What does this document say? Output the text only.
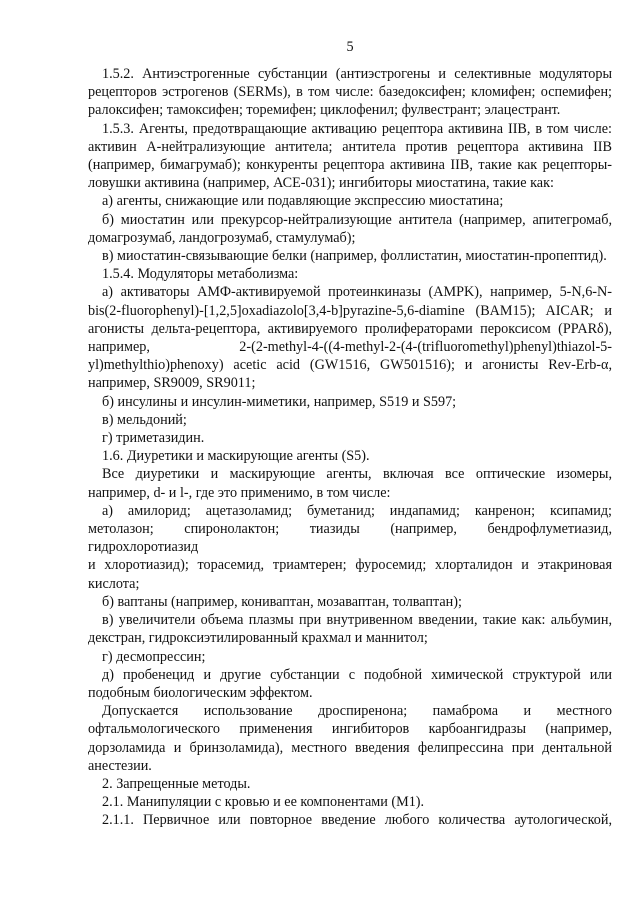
5

1.5.2. Антиэстрогенные субстанции (антиэстрогены и селективные модуляторы рецепторов эстрогенов (SERMs), в том числе: базедоксифен; кломифен; оспемифен; ралоксифен; тамоксифен; торемифен; циклофенил; фулвестрант; элацестрант.

1.5.3. Агенты, предотвращающие активацию рецептора активина IIB, в том числе: активин А-нейтрализующие антитела; антитела против рецептора активина IIB (например, бимагрумаб); конкуренты рецептора активина IIB, такие как рецепторы-ловушки активина (например, АСЕ-031); ингибиторы миостатина, такие как:

а) агенты, снижающие или подавляющие экспрессию миостатина;

б) миостатин или прекурсор-нейтрализующие антитела (например, апитегромаб, домагрозумаб, ландогрозумаб, стамулумаб);

в) миостатин-связывающие белки (например, фоллистатин, миостатин-пропептид).

1.5.4. Модуляторы метаболизма:

а) активаторы АМФ-активируемой протеинкиназы (AMPK), например, 5-N,6-N-bis(2-fluorophenyl)-[1,2,5]oxadiazolo[3,4-b]pyrazine-5,6-diamine (BAM15); AICAR; и агонисты дельта-рецептора, активируемого пролифераторами пероксисом (PPARδ), например, 2-(2-methyl-4-((4-methyl-2-(4-(trifluoromethyl)phenyl)thiazol-5-yl)methylthio)phenoxy) acetic acid (GW1516, GW501516); и агонисты Rev-Erb-α, например, SR9009, SR9011;

б) инсулины и инсулин-миметики, например, S519 и S597;

в) мельдоний;

г) триметазидин.

1.6. Диуретики и маскирующие агенты (S5).

Все диуретики и маскирующие агенты, включая все оптические изомеры, например, d- и l-, где это применимо, в том числе:

а) амилорид; ацетазоламид; буметанид; индапамид; канренон; ксипамид; метолазон; спиронолактон; тиазиды (например, бендрофлуметиазид, гидрохлоротиазид

и хлоротиазид); торасемид, триамтерен; фуросемид; хлорталидон и этакриновая кислота;

б) ваптаны (например, кониваптан, мозаваптан, толваптан);

в) увеличители объема плазмы при внутривенном введении, такие как: альбумин, декстран, гидроксиэтилированный крахмал и маннитол;

г) десмопрессин;

д) пробенецид и другие субстанции с подобной химической структурой или подобным биологическим эффектом.

Допускается использование дроспиренона; памаброма и местного офтальмологического применения ингибиторов карбоангидразы (например, дорзоламида и бринзоламида), местного введения фелипрессина при дентальной анестезии.

2. Запрещенные методы.

2.1. Манипуляции с кровью и ее компонентами (М1).

2.1.1. Первичное или повторное введение любого количества аутологической,
